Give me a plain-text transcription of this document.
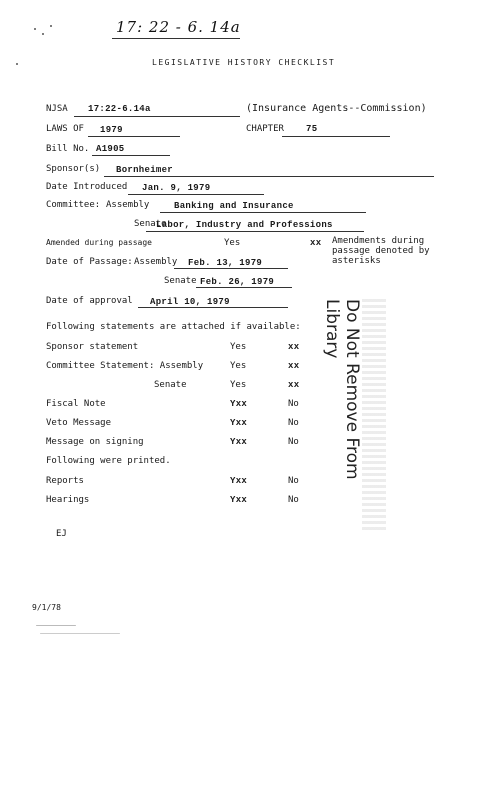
17: 22 - 6. 14a
LEGISLATIVE HISTORY CHECKLIST
NJSA 17:22-6.14a	(Insurance Agents--Commission)
LAWS OF 1979	CHAPTER 75
Bill No. A1905
Sponsor(s) Bornheimer
Date Introduced Jan. 9, 1979
Committee: Assembly	Banking and Insurance
Senate
Labor, Industry and Professions
Amended during passage	Yes	xx Amendments during passage denoted by asterisks
Date of Passage: Assembly Feb. 13, 1979
Senate Feb. 26, 1979
Date of approval April 10, 1979
Following statements are attached if available:
Sponsor statement	Yes	xx
Committee Statement: Assembly	Yes	xx
Senate	Yes	xx
Fiscal Note	Yxx	No
Veto Message	Yxx	No
Message on signing	Yxx	No
Following were printed.
Reports	Yxx	No
Hearings	Yxx	No
EJ
9/1/78
Do Not Remove From Library
